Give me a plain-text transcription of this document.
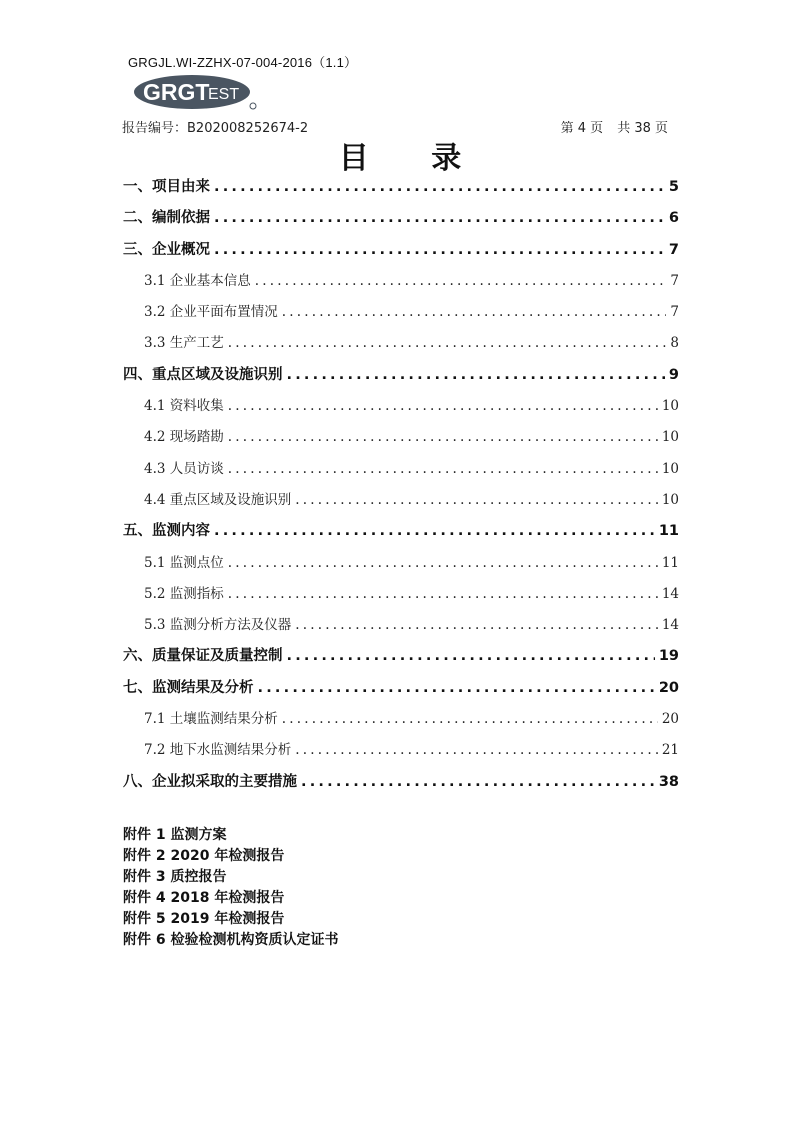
GRGJL.WI-ZZHX-07-004-2016（1.1）
GRGT
EST
报告编号：B202008252674-2	第 4 页 共 38 页
目 录
一、项目由来 .....	5
二、编制依据 .....	6
三、企业概况 .....	7
3.1 企业基本信息 .....	7
3.2 企业平面布置情况 .....	7
3.3 生产工艺 .....	8
四、重点区域及设施识别 .....	9
4.1 资料收集 .....	10
4.2 现场踏勘 .....	10
4.3 人员访谈 .....	10
4.4 重点区域及设施识别 .....	10
五、监测内容 .....	11
5.1 监测点位 .....	11
5.2 监测指标 .....	14
5.3 监测分析方法及仪器 .....	14
六、质量保证及质量控制 .....	19
七、监测结果及分析 .....	20
7.1 土壤监测结果分析 .....	20
7.2 地下水监测结果分析 .....	21
八、企业拟采取的主要措施 .....	38
附件 1 监测方案
附件 2 2020 年检测报告
附件 3 质控报告
附件 4 2018 年检测报告
附件 5 2019 年检测报告
附件 6 检验检测机构资质认定证书
